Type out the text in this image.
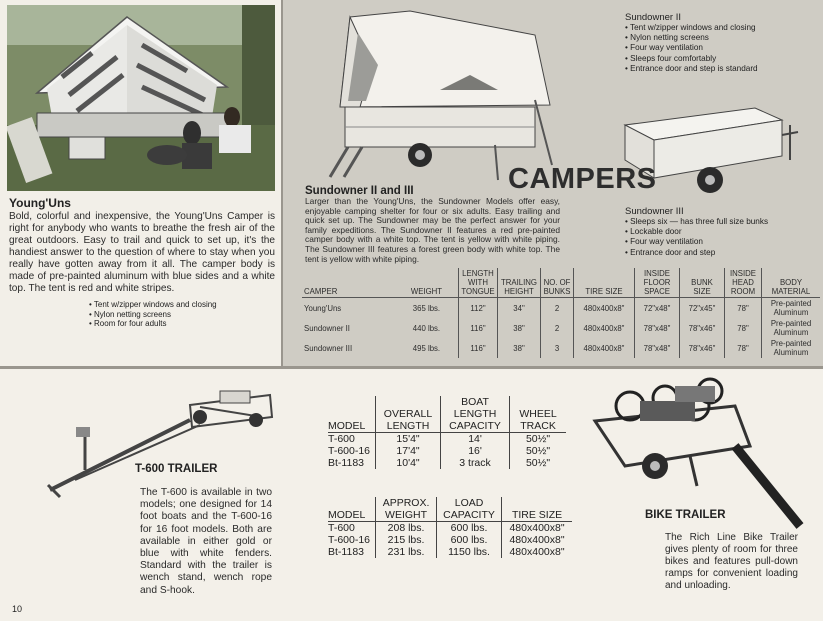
Young'Uns
Bold, colorful and inexpensive, the Young'Uns Camper is right for anybody who wants to breathe the fresh air of the great outdoors. Easy to trail and quick to set up, it's the handiest answer to the question of where to stay when you really have gotten away from it all. The camper body is made of pre-painted aluminum with blue sides and a white top. The tent is red and white stripes.
• Tent w/zipper windows and closing
• Nylon netting screens
• Room for four adults
CAMPERS
Sundowner II
• Tent w/zipper windows and closing
• Nylon netting screens
• Four way ventilation
• Sleeps four comfortably
• Entrance door and step is standard
Sundowner III
• Sleeps six — has three full size bunks
• Lockable door
• Four way ventilation
• Entrance door and step
Sundowner II and III
Larger than the Young'Uns, the Sundowner Models offer easy, enjoyable camping shelter for four or six adults. Easy trailing and quick set up. The Sundowner may be the perfect answer for your family expeditions. The Sundowner II features a red pre-painted camper body with a white top. The tent is yellow with white piping. The Sundowner III features a forest green body with white top. The tent is yellow with white piping.
CAMPER	WEIGHT	LENGTH WITH TONGUE	TRAILING HEIGHT	NO. OF BUNKS	TIRE SIZE	INSIDE FLOOR SPACE	BUNK SIZE	INSIDE HEAD ROOM	BODY MATERIAL
Young'Uns	365 lbs.	112"	34"	2	480x400x8"	72"x48"	72"x45"	78"	Pre-painted Aluminum
Sundowner II	440 lbs.	116"	38"	2	480x400x8"	78"x48"	78"x46"	78"	Pre-painted Aluminum
Sundowner III	495 lbs.	116"	38"	3	480x400x8"	78"x48"	78"x46"	78"	Pre-painted Aluminum
T-600 TRAILER
The T-600 is available in two models; one designed for 14 foot boats and the T-600-16 for 16 foot models. Both are available in either gold or blue with white fenders. Standard with the trailer is wench stand, wench rope and S-hook.
MODEL	OVERALL LENGTH	BOAT LENGTH CAPACITY	WHEEL TRACK
T-600	15'4"	14'	50½"
T-600-16	17'4"	16'	50½"
Bt-1183	10'4"	3 track	50½"
MODEL	APPROX. WEIGHT	LOAD CAPACITY	TIRE SIZE
T-600	208 lbs.	600 lbs.	480x400x8"
T-600-16	215 lbs.	600 lbs.	480x400x8"
Bt-1183	231 lbs.	1150 lbs.	480x400x8"
BIKE TRAILER
The Rich Line Bike Trailer gives plenty of room for three bikes and features pull-down ramps for convenient loading and unloading.
10
